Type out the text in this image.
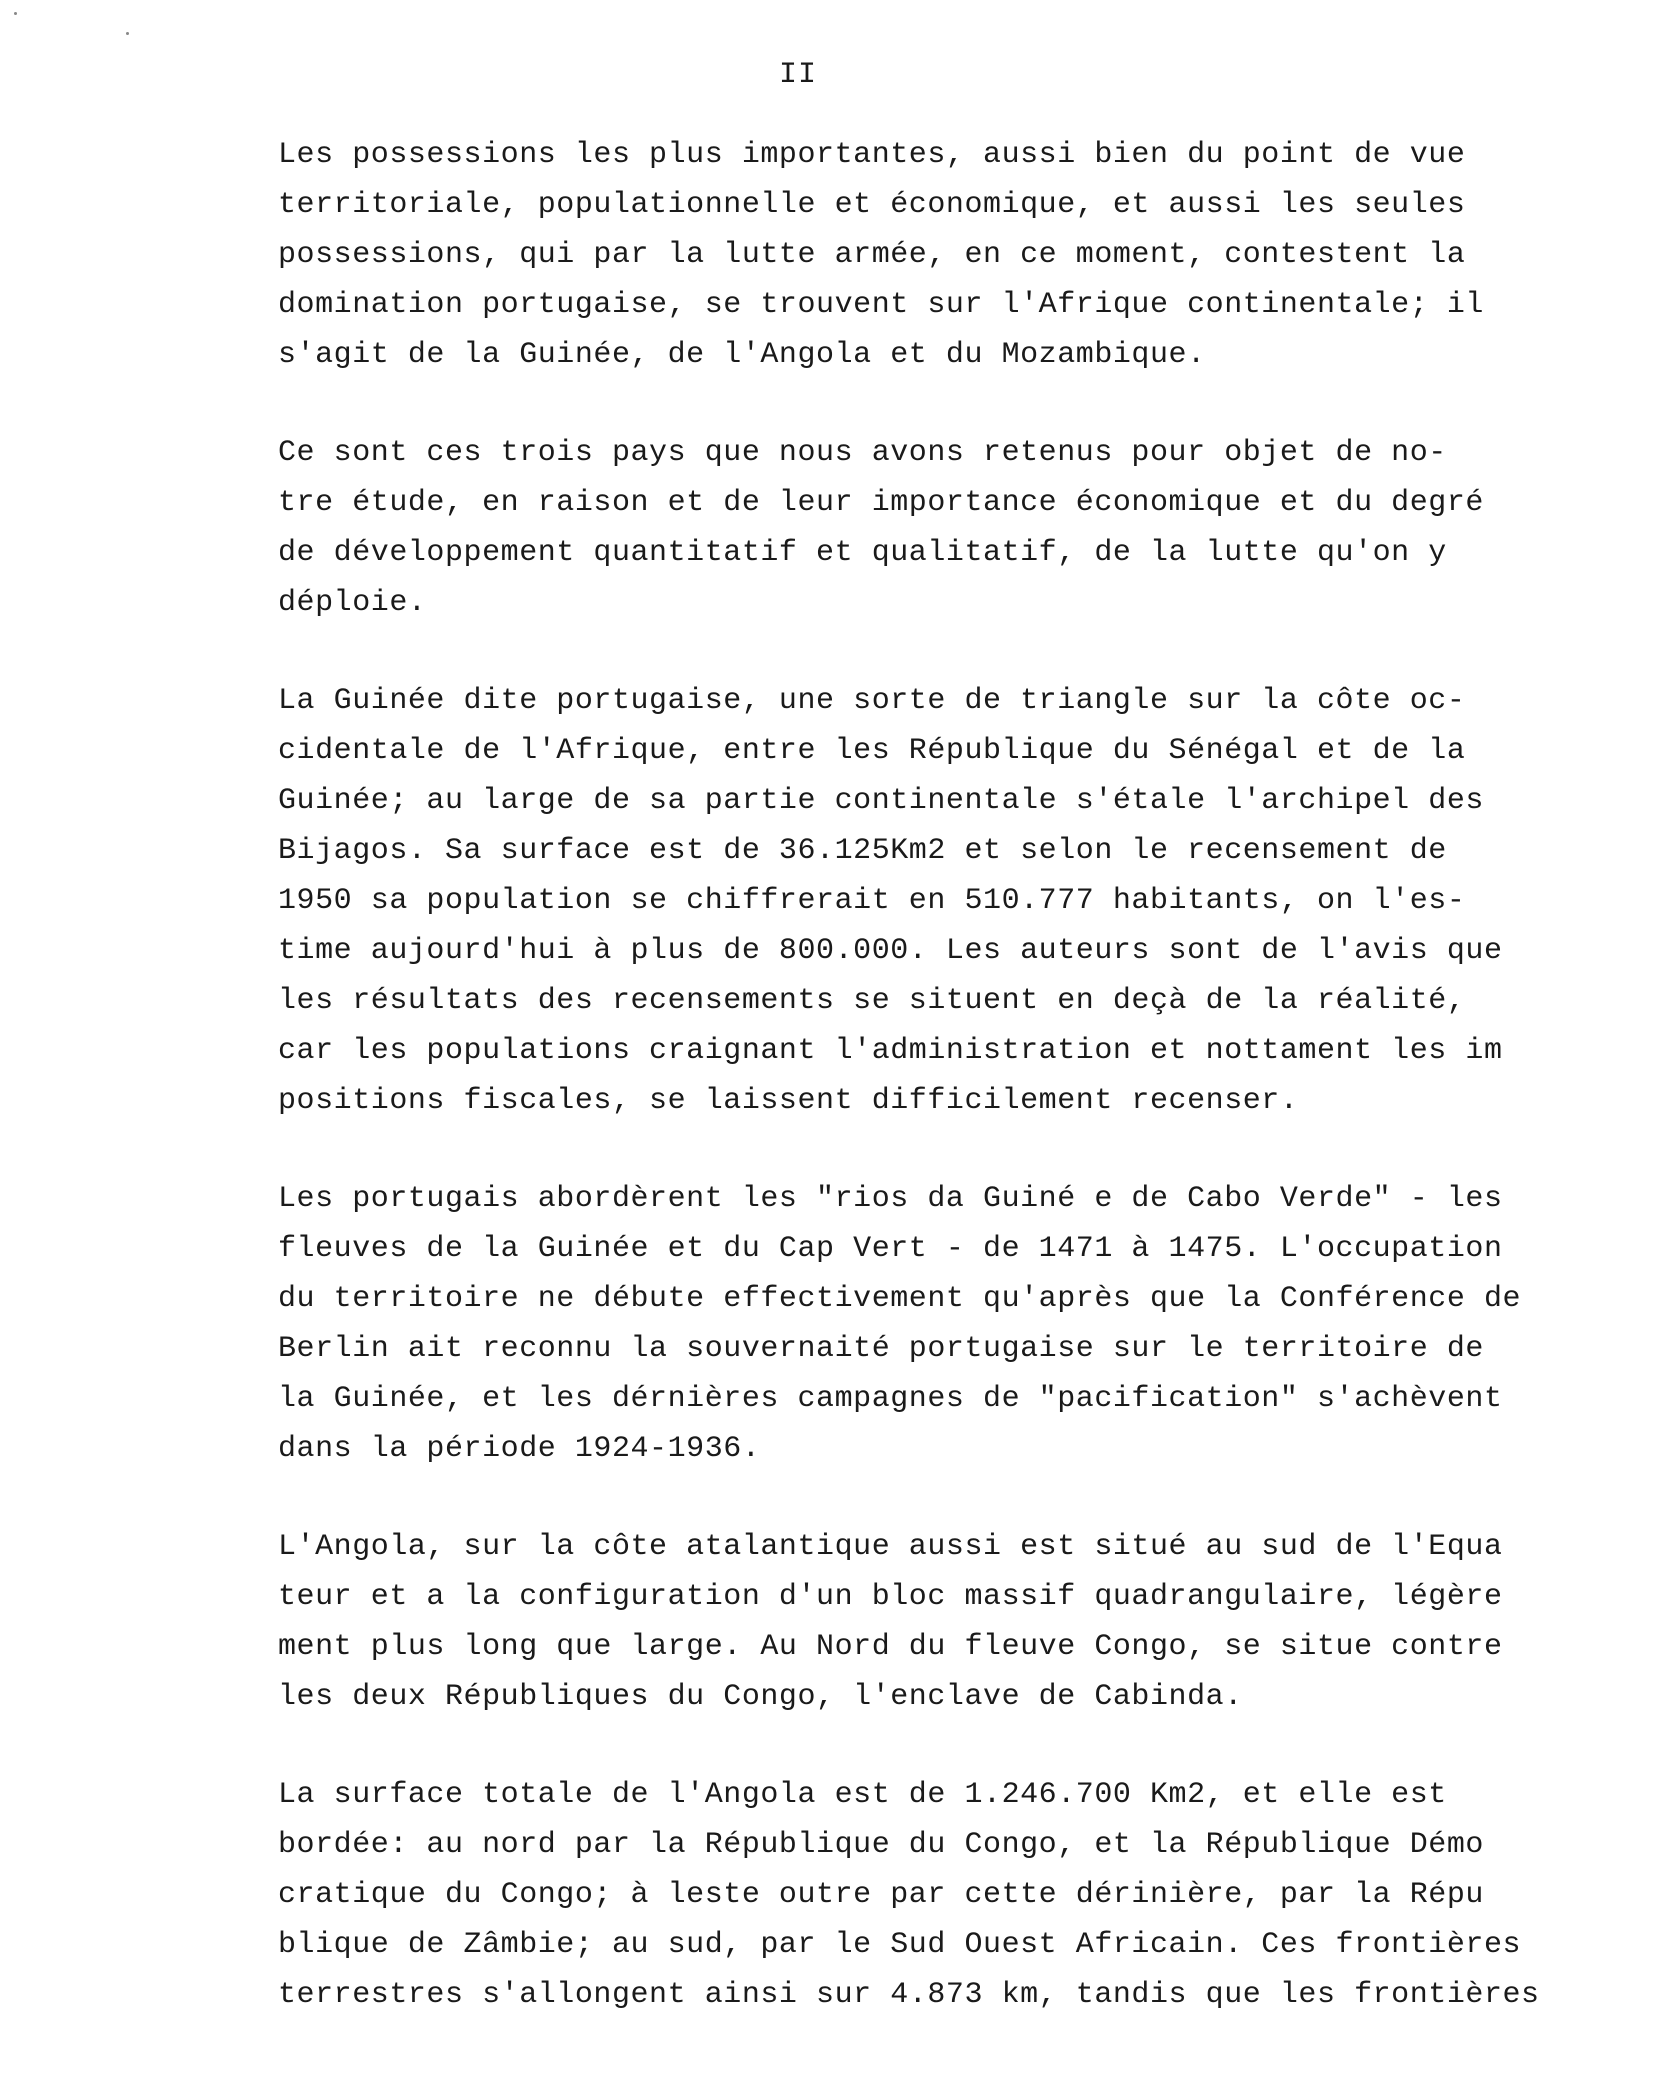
II
Les possessions les plus importantes, aussi bien du point de vue
territoriale, populationnelle et économique, et aussi les seules
possessions, qui par la lutte armée, en ce moment, contestent la
domination portugaise, se trouvent sur l'Afrique continentale; il
s'agit de la Guinée, de l'Angola et du Mozambique.
Ce sont ces trois pays que nous avons retenus pour objet de no-
tre étude, en raison et de leur importance économique et du degré
de développement quantitatif et qualitatif, de la lutte qu'on y
déploie.
La Guinée dite portugaise, une sorte de triangle sur la côte oc-
cidentale de l'Afrique, entre les République du Sénégal et de la
Guinée; au large de sa partie continentale s'étale l'archipel des
Bijagos. Sa surface est de 36.125Km2 et selon le recensement de
1950 sa population se chiffrerait en 510.777 habitants, on l'es-
time aujourd'hui à plus de 800.000. Les auteurs sont de l'avis que
les résultats des recensements se situent en deçà de la réalité,
car les populations craignant l'administration et nottament les im
positions fiscales, se laissent difficilement recenser.
Les portugais abordèrent les "rios da Guiné e de Cabo Verde" - les
fleuves de la Guinée et du Cap Vert - de 1471 à 1475. L'occupation
du territoire ne débute effectivement qu'après que la Conférence de
Berlin ait reconnu la souvernaité portugaise sur le territoire de
la Guinée, et les dérnières campagnes de "pacification" s'achèvent
dans la période 1924-1936.
L'Angola, sur la côte atalantique aussi est situé au sud de l'Equa
teur et a la configuration d'un bloc massif quadrangulaire, légère
ment plus long que large. Au Nord du fleuve Congo, se situe contre
les deux Républiques du Congo, l'enclave de Cabinda.
La surface totale de l'Angola est de 1.246.700 Km2, et elle est
bordée: au nord par la République du Congo, et la République Démo
cratique du Congo; à leste outre par cette dérinière, par la Répu
blique de Zâmbie; au sud, par le Sud Ouest Africain. Ces frontières
terrestres s'allongent ainsi sur 4.873 km, tandis que les frontières
